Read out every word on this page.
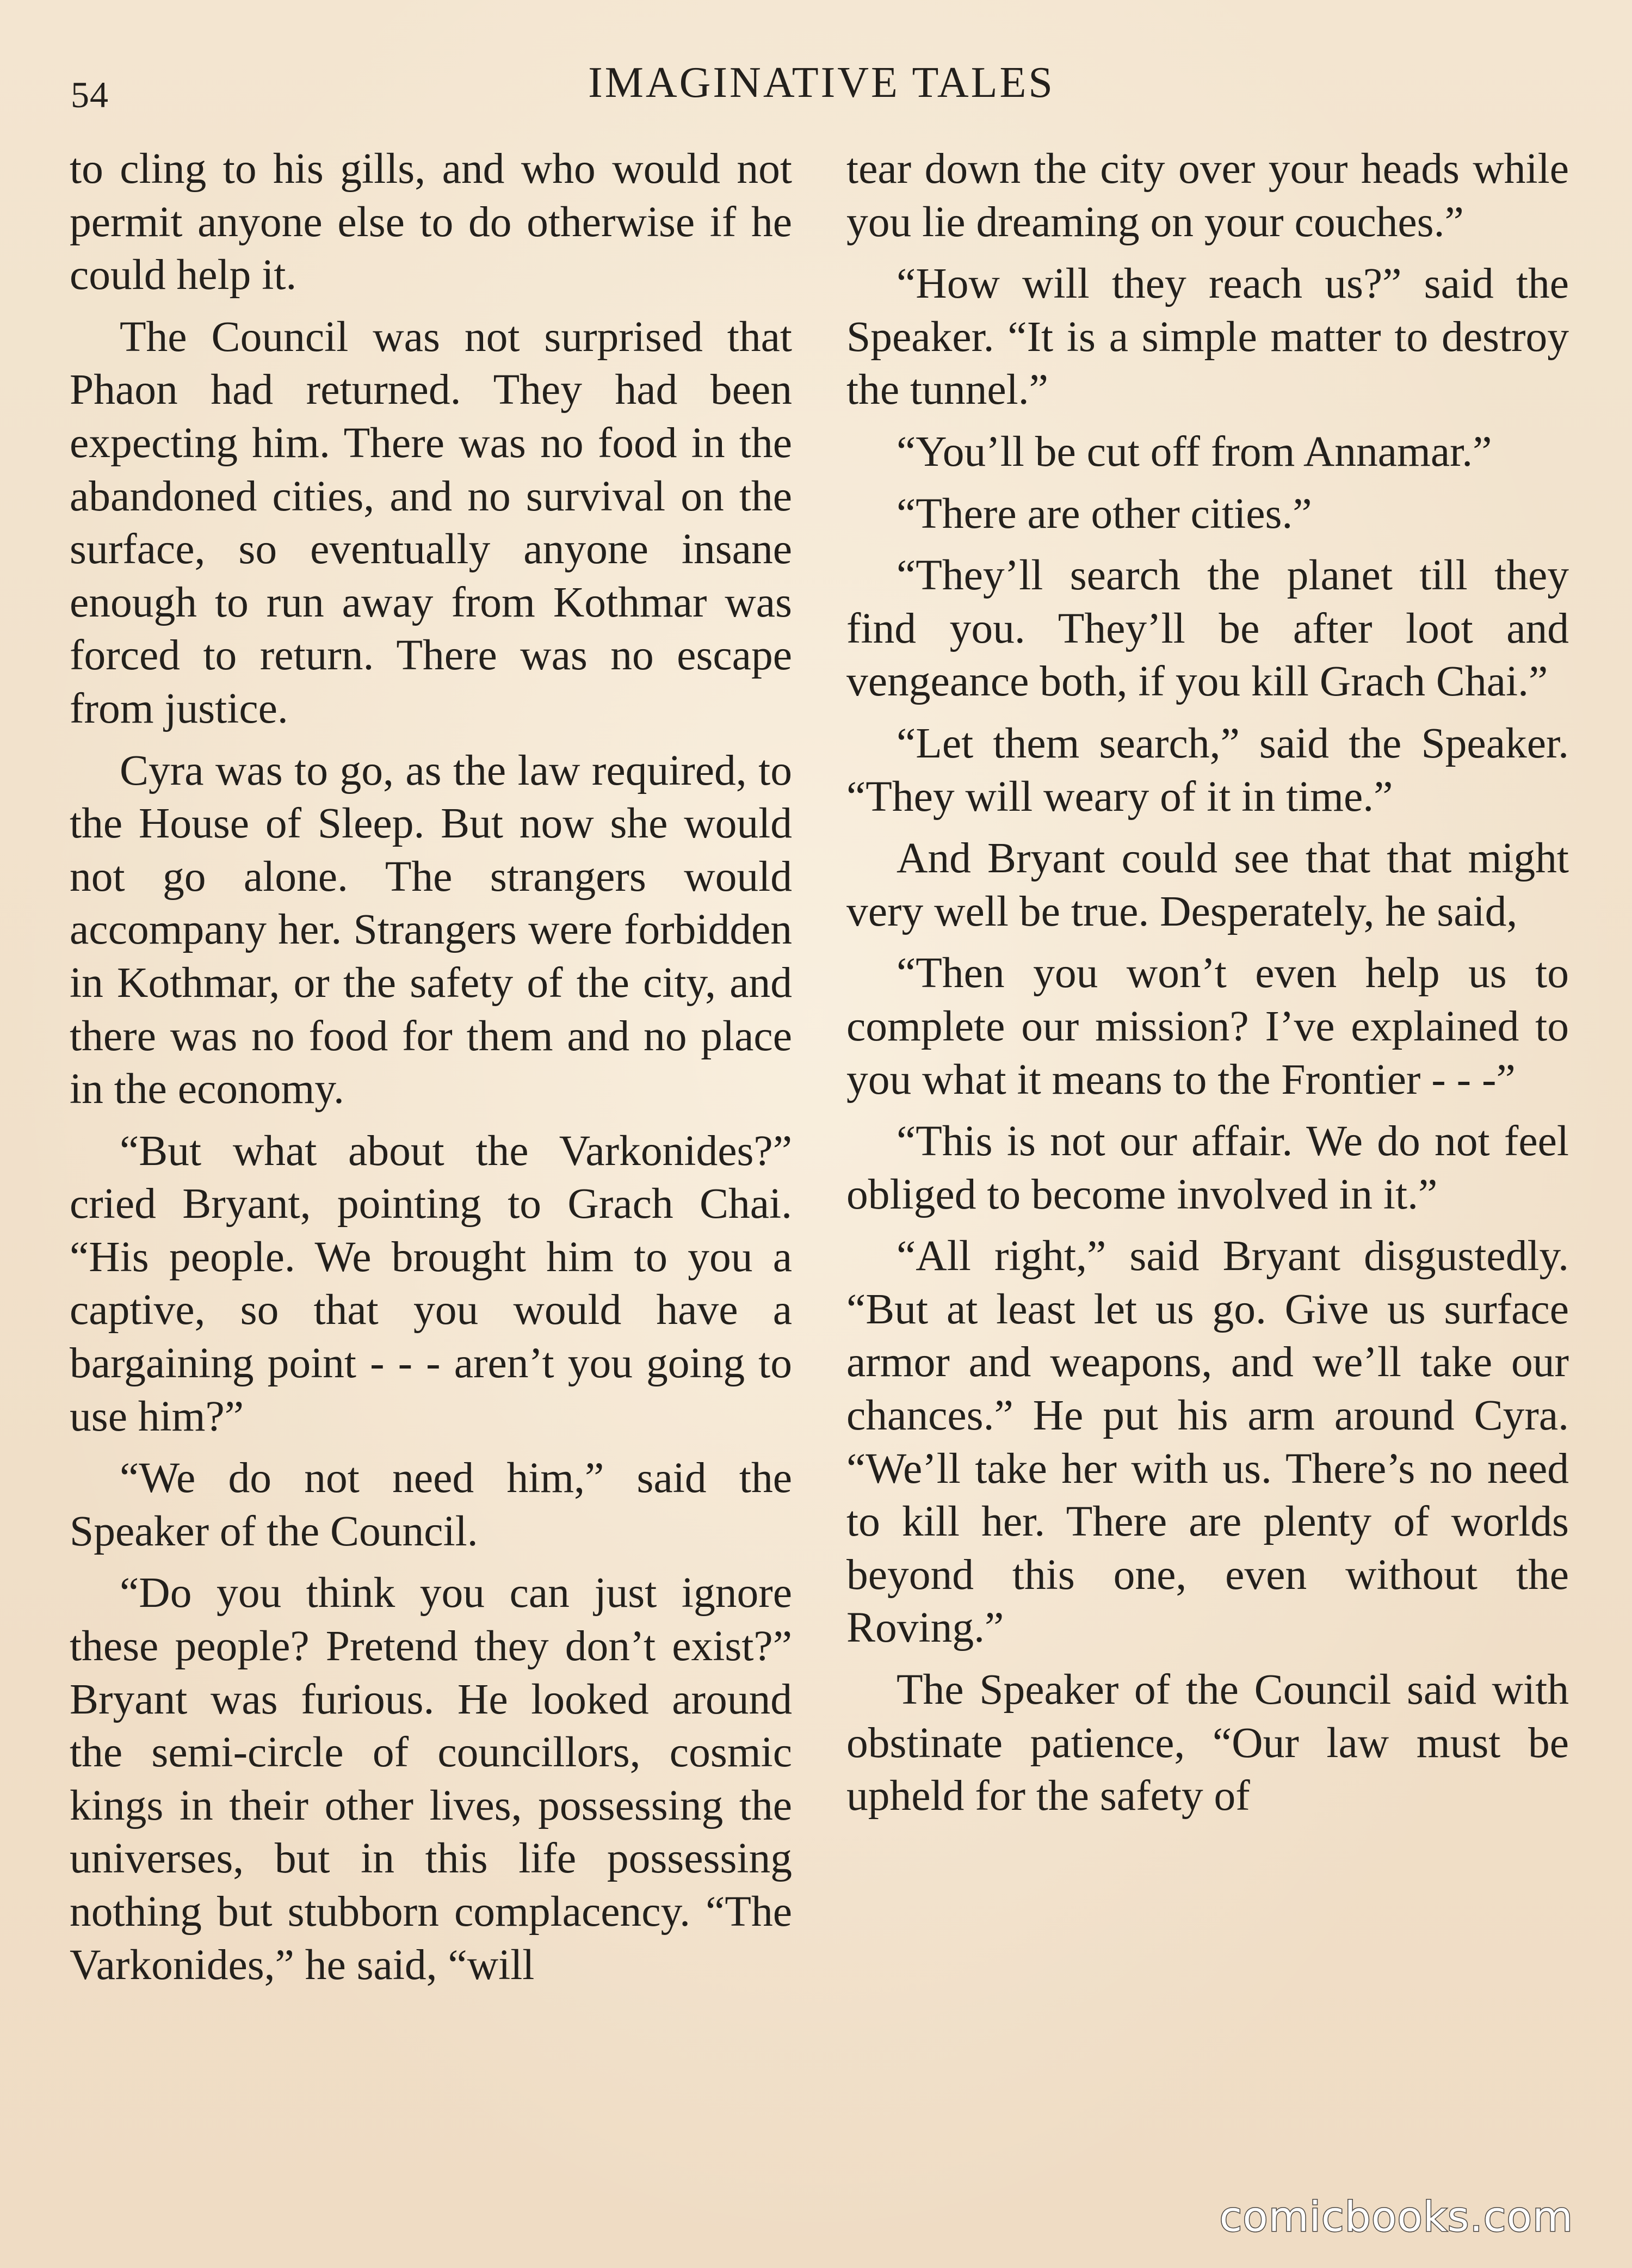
54	IMAGINATIVE TALES

to cling to his gills, and who would not permit anyone else to do otherwise if he could help it.

The Council was not surprised that Phaon had returned. They had been expecting him. There was no food in the abandoned cities, and no survival on the surface, so eventually anyone insane enough to run away from Kothmar was forced to return. There was no escape from justice.

Cyra was to go, as the law required, to the House of Sleep. But now she would not go alone. The strangers would accompany her. Strangers were forbidden in Kothmar, or the safety of the city, and there was no food for them and no place in the economy.

“But what about the Varkonides?” cried Bryant, pointing to Grach Chai. “His people. We brought him to you a captive, so that you would have a bargaining point - - - aren’t you going to use him?”

“We do not need him,” said the Speaker of the Council.

“Do you think you can just ignore these people? Pretend they don’t exist?” Bryant was furious. He looked around the semi-circle of councillors, cosmic kings in their other lives, possessing the universes, but in this life possessing nothing but stubborn complacency. “The Varkonides,” he said, “will

tear down the city over your heads while you lie dreaming on your couches.”

“How will they reach us?” said the Speaker. “It is a simple matter to destroy the tunnel.”

“You’ll be cut off from Annamar.”

“There are other cities.”

“They’ll search the planet till they find you. They’ll be after loot and vengeance both, if you kill Grach Chai.”

“Let them search,” said the Speaker. “They will weary of it in time.”

And Bryant could see that that might very well be true. Desperately, he said,

“Then you won’t even help us to complete our mission? I’ve explained to you what it means to the Frontier - - -”

“This is not our affair. We do not feel obliged to become involved in it.”

“All right,” said Bryant disgustedly. “But at least let us go. Give us surface armor and weapons, and we’ll take our chances.” He put his arm around Cyra. “We’ll take her with us. There’s no need to kill her. There are plenty of worlds beyond this one, even without the Roving.”

The Speaker of the Council said with obstinate patience, “Our law must be upheld for the safety of

comicbooks.com
